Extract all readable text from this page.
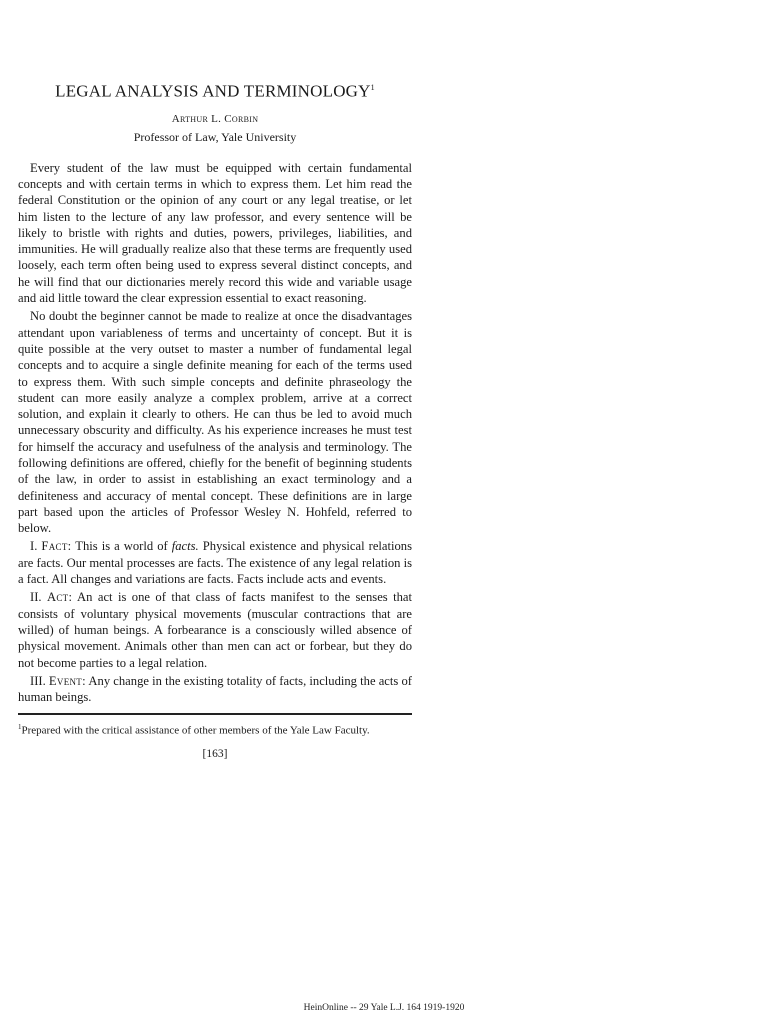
LEGAL ANALYSIS AND TERMINOLOGY$^1$
Arthur L. Corbin
Professor of Law, Yale University

Every student of the law must be equipped with certain fundamental concepts and with certain terms in which to express them. Let him read the federal Constitution or the opinion of any court or any legal treatise, or let him listen to the lecture of any law professor, and every sentence will be likely to bristle with rights and duties, powers, privileges, liabilities, and immunities. He will gradually realize also that these terms are frequently used loosely, each term often being used to express several distinct concepts, and he will find that our dictionaries merely record this wide and variable usage and aid little toward the clear expression essential to exact reasoning.

No doubt the beginner cannot be made to realize at once the disadvantages attendant upon variableness of terms and uncertainty of concept. But it is quite possible at the very outset to master a number of fundamental legal concepts and to acquire a single definite meaning for each of the terms used to express them. With such simple concepts and definite phraseology the student can more easily analyze a complex problem, arrive at a correct solution, and explain it clearly to others. He can thus be led to avoid much unnecessary obscurity and difficulty. As his experience increases he must test for himself the accuracy and usefulness of the analysis and terminology. The following definitions are offered, chiefly for the benefit of beginning students of the law, in order to assist in establishing an exact terminology and a definiteness and accuracy of mental concept. These definitions are in large part based upon the articles of Professor Wesley N. Hohfeld, referred to below.

I. Fact: This is a world of facts. Physical existence and physical relations are facts. Our mental processes are facts. The existence of any legal relation is a fact. All changes and variations are facts. Facts include acts and events.

II. Act: An act is one of that class of facts manifest to the senses that consists of voluntary physical movements (muscular contractions that are willed) of human beings. A forbearance is a consciously willed absence of physical movement. Animals other than men can act or forbear, but they do not become parties to a legal relation.

III. Event: Any change in the existing totality of facts, including the acts of human beings.

$^1$Prepared with the critical assistance of other members of the Yale Law Faculty.

[163]
HeinOnline -- 29 Yale L.J. 164 1919-1920
